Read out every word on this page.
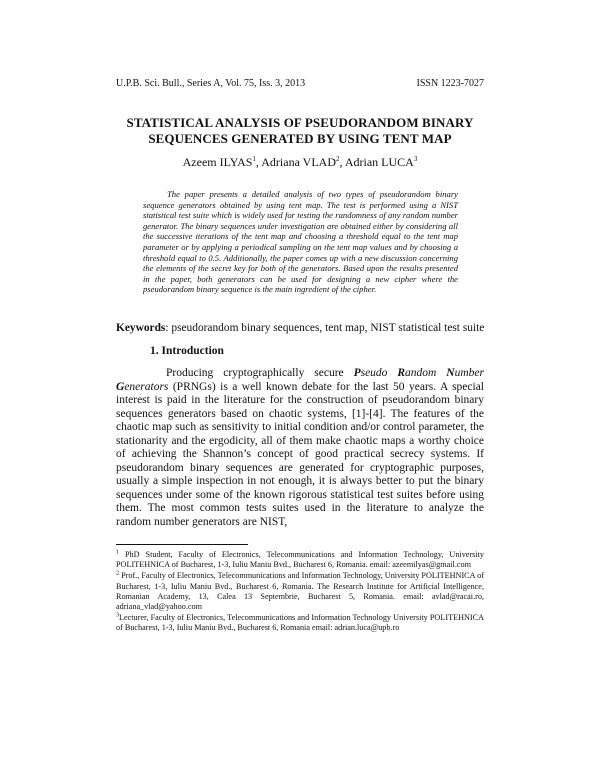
U.P.B. Sci. Bull., Series A, Vol. 75, Iss. 3, 2013	ISSN 1223-7027
STATISTICAL ANALYSIS OF PSEUDORANDOM BINARY
SEQUENCES GENERATED BY USING TENT MAP
Azeem ILYAS$^1$, Adriana VLAD$^2$, Adrian LUCA$^3$
The paper presents a detailed analysis of two types of pseudorandom binary sequence generators obtained by using tent map. The test is performed using a NIST statistical test suite which is widely used for testing the randomness of any random number generator. The binary sequences under investigation are obtained either by considering all the successive iterations of the tent map and choosing a threshold equal to the tent map parameter or by applying a periodical sampling on the tent map values and by choosing a threshold equal to 0.5. Additionally, the paper comes up with a new discussion concerning the elements of the secret key for both of the generators. Based upon the results presented in the paper, both generators can be used for designing a new cipher where the pseudorandom binary sequence is the main ingredient of the cipher.
Keywords: pseudorandom binary sequences, tent map, NIST statistical test suite
1. Introduction
Producing cryptographically secure Pseudo Random Number Generators (PRNGs) is a well known debate for the last 50 years. A special interest is paid in the literature for the construction of pseudorandom binary sequences generators based on chaotic systems, [1]-[4]. The features of the chaotic map such as sensitivity to initial condition and/or control parameter, the stationarity and the ergodicity, all of them make chaotic maps a worthy choice of achieving the Shannon’s concept of good practical secrecy systems. If pseudorandom binary sequences are generated for cryptographic purposes, usually a simple inspection in not enough, it is always better to put the binary sequences under some of the known rigorous statistical test suites before using them. The most common tests suites used in the literature to analyze the random number generators are NIST,
$^1$ PhD Student, Faculty of Electronics, Telecommunications and Information Technology, University POLITEHNICA of Bucharest, 1-3, Iuliu Maniu Bvd., Bucharest 6, Romania. email: azeemilyas@gmail.com
$^2$ Prof., Faculty of Electronics, Telecommunications and Information Technology, University POLITEHNICA of Bucharest, 1-3, Iuliu Maniu Bvd., Bucharest 6, Romania. The Research Institute for Artificial Intelligence, Romanian Academy, 13, Calea 13 Septembrie, Bucharest 5, Romania. email: avlad@racai.ro, adriana_vlad@yahoo.com
$^3$Lecturer, Faculty of Electronics, Telecommunications and Information Technology University POLITEHNICA of Bucharest, 1-3, Iuliu Maniu Bvd., Bucharest 6, Romania email: adrian.luca@upb.ro
